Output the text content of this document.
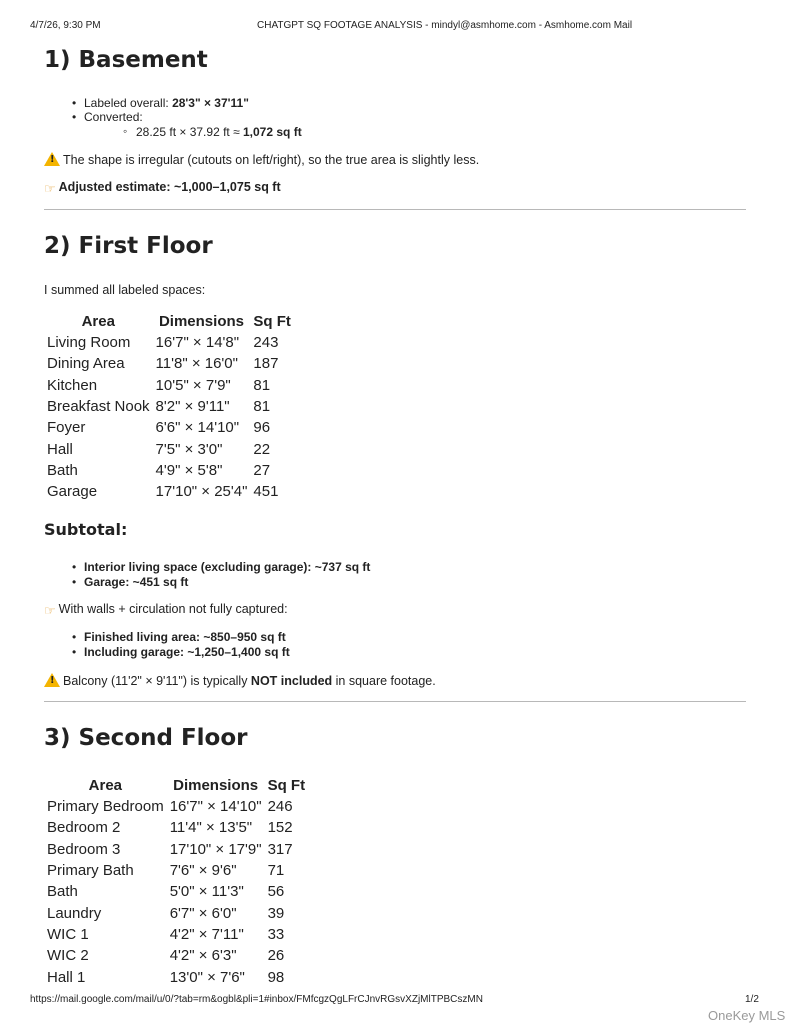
4/7/26, 9:30 PM	CHATGPT SQ FOOTAGE ANALYSIS - mindyl@asmhome.com - Asmhome.com Mail
1) Basement
• Labeled overall: 28'3" × 37'11"
• Converted:
◦ 28.25 ft × 37.92 ft ≈ 1,072 sq ft
!The shape is irregular (cutouts on left/right), so the true area is slightly less.
☞ Adjusted estimate: ~1,000–1,075 sq ft
2) First Floor
I summed all labeled spaces:
Area	Dimensions	Sq Ft
Living Room	16'7" × 14'8"	243
Dining Area	11'8" × 16'0"	187
Kitchen	10'5" × 7'9"	81
Breakfast Nook	8'2" × 9'11"	81
Foyer	6'6" × 14'10"	96
Hall	7'5" × 3'0"	22
Bath	4'9" × 5'8"	27
Garage	17'10" × 25'4"	451
Subtotal:
• Interior living space (excluding garage): ~737 sq ft
• Garage: ~451 sq ft
☞ With walls + circulation not fully captured:
• Finished living area: ~850–950 sq ft
• Including garage: ~1,250–1,400 sq ft
!Balcony (11'2" × 9'11") is typically NOT included in square footage.
3) Second Floor
Area	Dimensions	Sq Ft
Primary Bedroom	16'7" × 14'10"	246
Bedroom 2	11'4" × 13'5"	152
Bedroom 3	17'10" × 17'9"	317
Primary Bath	7'6" × 9'6"	71
Bath	5'0" × 11'3"	56
Laundry	6'7" × 6'0"	39
WIC 1	4'2" × 7'11"	33
WIC 2	4'2" × 6'3"	26
Hall 1	13'0" × 7'6"	98
https://mail.google.com/mail/u/0/?tab=rm&ogbl&pli=1#inbox/FMfcgzQgLFrCJnvRGsvXZjMlTPBCszMN	1/2
OneKey MLS
